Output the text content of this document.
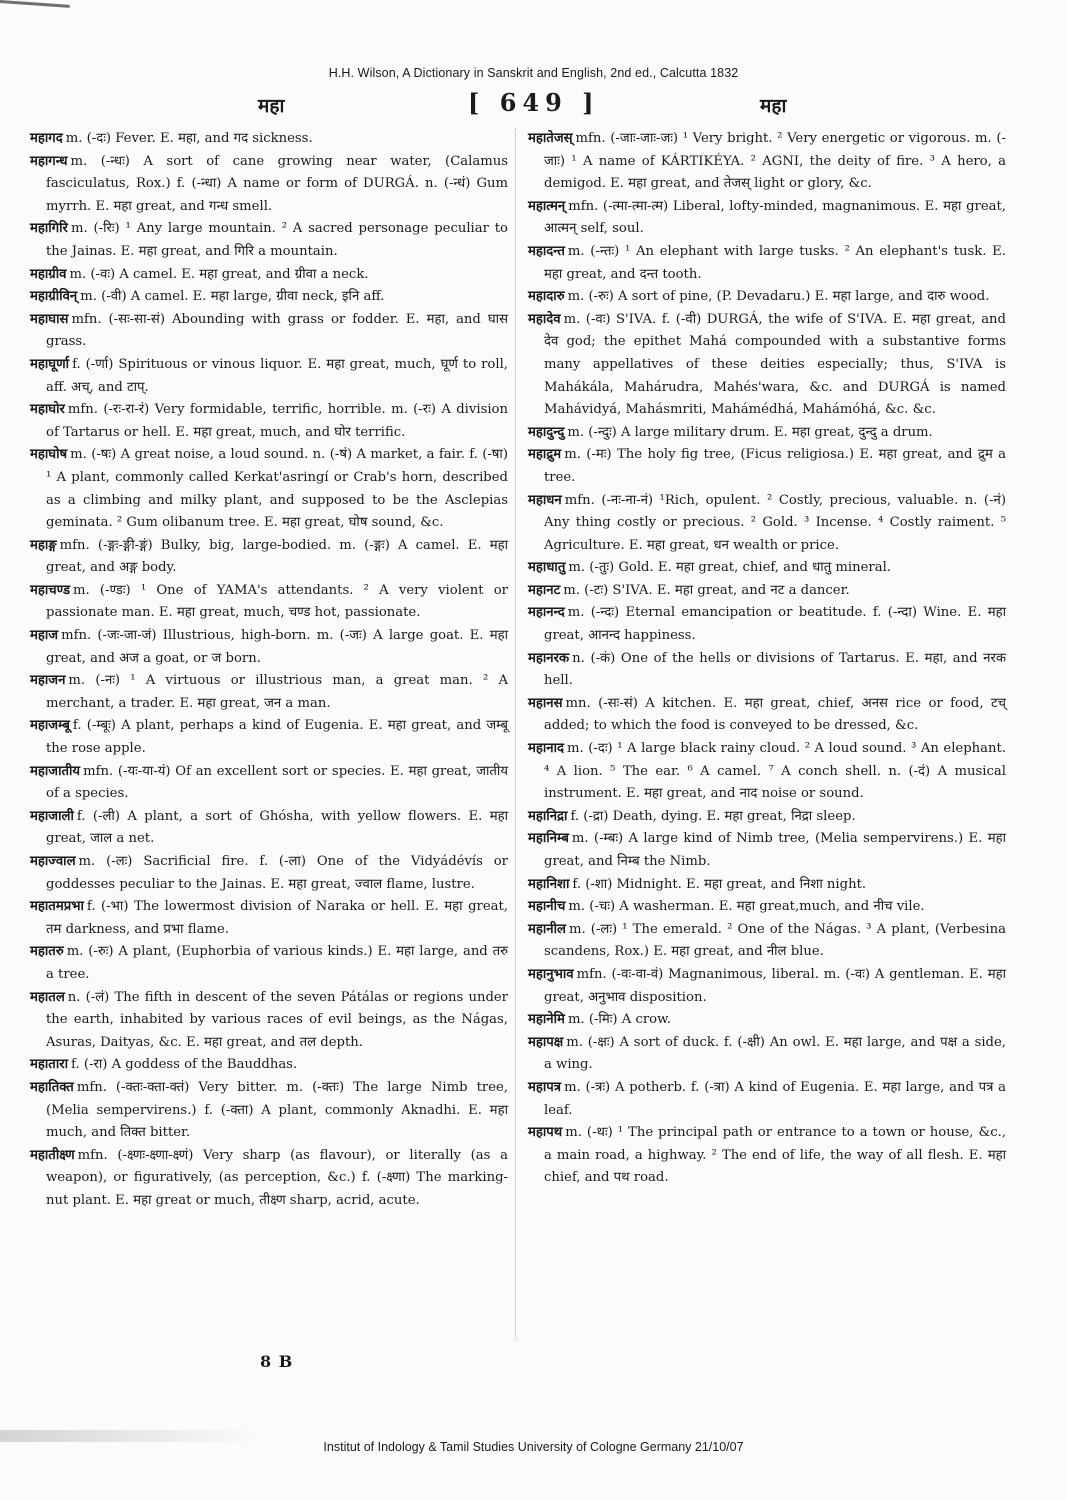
H.H. Wilson, A Dictionary in Sanskrit and English, 2nd ed., Calcutta 1832
महा	[ 649 ]	महा

महागद m. (-दः) Fever. E. महा, and गद sickness.

महागन्ध m. (-न्धः) A sort of cane growing near water, (Calamus fasciculatus, Rox.) f. (-न्धा) A name or form of DURGÁ. n. (-न्धं) Gum myrrh. E. महा great, and गन्ध smell.

महागिरि m. (-रिः) ¹ Any large mountain. ² A sacred personage peculiar to the Jainas. E. महा great, and गिरि a mountain.

महाग्रीव m. (-वः) A camel. E. महा great, and ग्रीवा a neck.

महाग्रीविन् m. (-वी) A camel. E. महा large, ग्रीवा neck, इनि aff.

महाघास mfn. (-सः-सा-सं) Abounding with grass or fodder. E. महा, and घास grass.

महाघूर्णा f. (-र्णा) Spirituous or vinous liquor. E. महा great, much, घूर्ण to roll, aff. अच्, and टाप्.

महाघोर mfn. (-रः-रा-रं) Very formidable, terrific, horrible. m. (-रः) A division of Tartarus or hell. E. महा great, much, and घोर terrific.

महाघोष m. (-षः) A great noise, a loud sound. n. (-षं) A market, a fair. f. (-षा) ¹ A plant, commonly called Kerkat'asringí or Crab's horn, described as a climbing and milky plant, and supposed to be the Asclepias geminata. ² Gum olibanum tree. E. महा great, घोष sound, &c.

महाङ्ग mfn. (-ङ्गः-ङ्गी-ङ्गं) Bulky, big, large-bodied. m. (-ङ्गः) A camel. E. महा great, and अङ्ग body.

महाचण्ड m. (-ण्डः) ¹ One of YAMA's attendants. ² A very violent or passionate man. E. महा great, much, चण्ड hot, passionate.

महाज mfn. (-जः-जा-जं) Illustrious, high-born. m. (-जः) A large goat. E. महा great, and अज a goat, or ज born.

महाजन m. (-नः) ¹ A virtuous or illustrious man, a great man. ² A merchant, a trader. E. महा great, जन a man.

महाजम्बू f. (-म्बूः) A plant, perhaps a kind of Eugenia. E. महा great, and जम्बू the rose apple.

महाजातीय mfn. (-यः-या-यं) Of an excellent sort or species. E. महा great, जातीय of a species.

महाजाली f. (-ली) A plant, a sort of Ghósha, with yellow flowers. E. महा great, जाल a net.

महाज्वाल m. (-लः) Sacrificial fire. f. (-ला) One of the Vidyádévís or goddesses peculiar to the Jainas. E. महा great, ज्वाल flame, lustre.

महातमप्रभा f. (-भा) The lowermost division of Naraka or hell. E. महा great, तम darkness, and प्रभा flame.

महातरु m. (-रुः) A plant, (Euphorbia of various kinds.) E. महा large, and तरु a tree.

महातल n. (-लं) The fifth in descent of the seven Pátálas or regions under the earth, inhabited by various races of evil beings, as the Nágas, Asuras, Daityas, &c. E. महा great, and तल depth.

महातारा f. (-रा) A goddess of the Bauddhas.

महातिक्त mfn. (-क्तः-क्ता-क्तं) Very bitter. m. (-क्तः) The large Nimb tree, (Melia sempervirens.) f. (-क्ता) A plant, commonly Aknadhi. E. महा much, and तिक्त bitter.

महातीक्ष्ण mfn. (-क्ष्णः-क्ष्णा-क्ष्णं) Very sharp (as flavour), or literally (as a weapon), or figuratively, (as perception, &c.) f. (-क्ष्णा) The marking-nut plant. E. महा great or much, तीक्ष्ण sharp, acrid, acute.

महातेजस् mfn. (-जाः-जाः-जः) ¹ Very bright. ² Very energetic or vigorous. m. (-जाः) ¹ A name of KÁRTIKÉYA. ² AGNI, the deity of fire. ³ A hero, a demigod. E. महा great, and तेजस् light or glory, &c.

महात्मन् mfn. (-त्मा-त्मा-त्म) Liberal, lofty-minded, magnanimous. E. महा great, आत्मन् self, soul.

महादन्त m. (-न्तः) ¹ An elephant with large tusks. ² An elephant's tusk. E. महा great, and दन्त tooth.

महादारु m. (-रुः) A sort of pine, (P. Devadaru.) E. महा large, and दारु wood.

महादेव m. (-वः) S'IVA. f. (-वी) DURGÁ, the wife of S'IVA. E. महा great, and देव god; the epithet Mahá compounded with a substantive forms many appellatives of these deities especially; thus, S'IVA is Mahákála, Mahárudra, Mahés'wara, &c. and DURGÁ is named Mahávidyá, Mahásmriti, Mahámédhá, Mahámóhá, &c. &c.

महादुन्दु m. (-न्दुः) A large military drum. E. महा great, दुन्दु a drum.

महाद्रुम m. (-मः) The holy fig tree, (Ficus religiosa.) E. महा great, and द्रुम a tree.

महाधन mfn. (-नः-ना-नं) ¹Rich, opulent. ² Costly, precious, valuable. n. (-नं) Any thing costly or precious. ² Gold. ³ Incense. ⁴ Costly raiment. ⁵ Agriculture. E. महा great, धन wealth or price.

महाधातु m. (-तुः) Gold. E. महा great, chief, and धातु mineral.

महानट m. (-टः) S'IVA. E. महा great, and नट a dancer.

महानन्द m. (-न्दः) Eternal emancipation or beatitude. f. (-न्दा) Wine. E. महा great, आनन्द happiness.

महानरक n. (-कं) One of the hells or divisions of Tartarus. E. महा, and नरक hell.

महानस mn. (-सः-सं) A kitchen. E. महा great, chief, अनस rice or food, टच् added; to which the food is conveyed to be dressed, &c.

महानाद m. (-दः) ¹ A large black rainy cloud. ² A loud sound. ³ An elephant. ⁴ A lion. ⁵ The ear. ⁶ A camel. ⁷ A conch shell. n. (-दं) A musical instrument. E. महा great, and नाद noise or sound.

महानिद्रा f. (-द्रा) Death, dying. E. महा great, निद्रा sleep.

महानिम्ब m. (-म्बः) A large kind of Nimb tree, (Melia sempervirens.) E. महा great, and निम्ब the Nimb.

महानिशा f. (-शा) Midnight. E. महा great, and निशा night.

महानीच m. (-चः) A washerman. E. महा great,much, and नीच vile.

महानील m. (-लः) ¹ The emerald. ² One of the Nágas. ³ A plant, (Verbesina scandens, Rox.) E. महा great, and नील blue.

महानुभाव mfn. (-वः-वा-वं) Magnanimous, liberal. m. (-वः) A gentleman. E. महा great, अनुभाव disposition.

महानेमि m. (-मिः) A crow.

महापक्ष m. (-क्षः) A sort of duck. f. (-क्षी) An owl. E. महा large, and पक्ष a side, a wing.

महापत्र m. (-त्रः) A potherb. f. (-त्रा) A kind of Eugenia. E. महा large, and पत्र a leaf.

महापथ m. (-थः) ¹ The principal path or entrance to a town or house, &c., a main road, a highway. ² The end of life, the way of all flesh. E. महा chief, and पथ road.

8 B
Institut of Indology & Tamil Studies University of Cologne Germany 21/10/07
